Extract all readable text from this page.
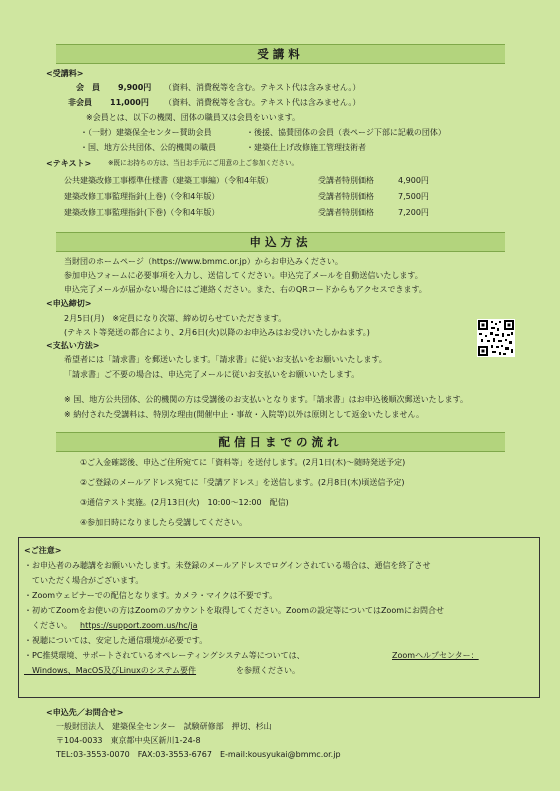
受講料
<受講料>
会　員 9,900円 （資料、消費税等を含む。テキスト代は含みません。）
非会員 11,000円 （資料、消費税等を含む。テキスト代は含みません。）
※会員とは、以下の機関、団体の職員又は会員をいいます。
・（一財）建築保全センター賛助会員	・後援、協賛団体の会員（表ページ下部に記載の団体）
・国、地方公共団体、公的機関の職員	・建築仕上げ改修施工管理技術者
<テキスト>	※既にお持ちの方は、当日お手元にご用意の上ご参加ください。
公共建築改修工事標準仕様書（建築工事編）（令和4年版）	受講者特別価格	4,900円
建築改修工事監理指針(上巻)（令和4年版）	受講者特別価格	7,500円
建築改修工事監理指針(下巻)（令和4年版）	受講者特別価格	7,200円
申込方法
当財団のホームページ（https://www.bmmc.or.jp）からお申込みください。
参加申込フォームに必要事項を入力し、送信してください。申込完了メールを自動送信いたします。
申込完了メールが届かない場合にはご連絡ください。また、右のQRコードからもアクセスできます。
<申込締切>
2月5日(月)　※定員になり次第、締め切らせていただきます。
(テキスト等発送の都合により、2月6日(火)以降のお申込みはお受けいたしかねます。)
<支払い方法>
希望者には「請求書」を郵送いたします。「請求書」に従いお支払いをお願いいたします。
「請求書」ご不要の場合は、申込完了メールに従いお支払いをお願いいたします。
※ 国、地方公共団体、公的機関の方は受講後のお支払いとなります。「請求書」はお申込後順次郵送いたします。
※ 納付された受講料は、特別な理由(開催中止・事故・入院等)以外は原則として返金いたしません。
配信日までの流れ
①ご入金確認後、申込ご住所宛てに「資料等」を送付します。(2月1日(木)～随時発送予定)
②ご登録のメールアドレス宛てに「受講アドレス」を送信します。(2月8日(木)頃送信予定)
③通信テスト実施。(2月13日(火)　10:00～12:00　配信)
④参加日時になりましたら受講してください。
<ご注意>
・お申込者のみ聴講をお願いいたします。未登録のメールアドレスでログインされている場合は、通信を終了させ
　ていただく場合がございます。
・Zoomウェビナーでの配信となります。カメラ・マイクは不要です。
・初めてZoomをお使いの方はZoomのアカウントを取得してください。Zoomの設定等についてはZoomにお問合せ
　ください。 https://support.zoom.us/hc/ja
・視聴については、安定した通信環境が必要です。
・PC推奨環境、サポートされているオペレーティングシステム等については、	Zoomヘルプセンター：
　Windows、MacOS及びLinuxのシステム要件	を参照ください。
<申込先／お問合せ>
一般財団法人　建築保全センター　試験研修部　押切、杉山
〒104-0033　東京都中央区新川1-24-8
TEL:03-3553-0070　FAX:03-3553-6767　E-mail:kousyukai@bmmc.or.jp
